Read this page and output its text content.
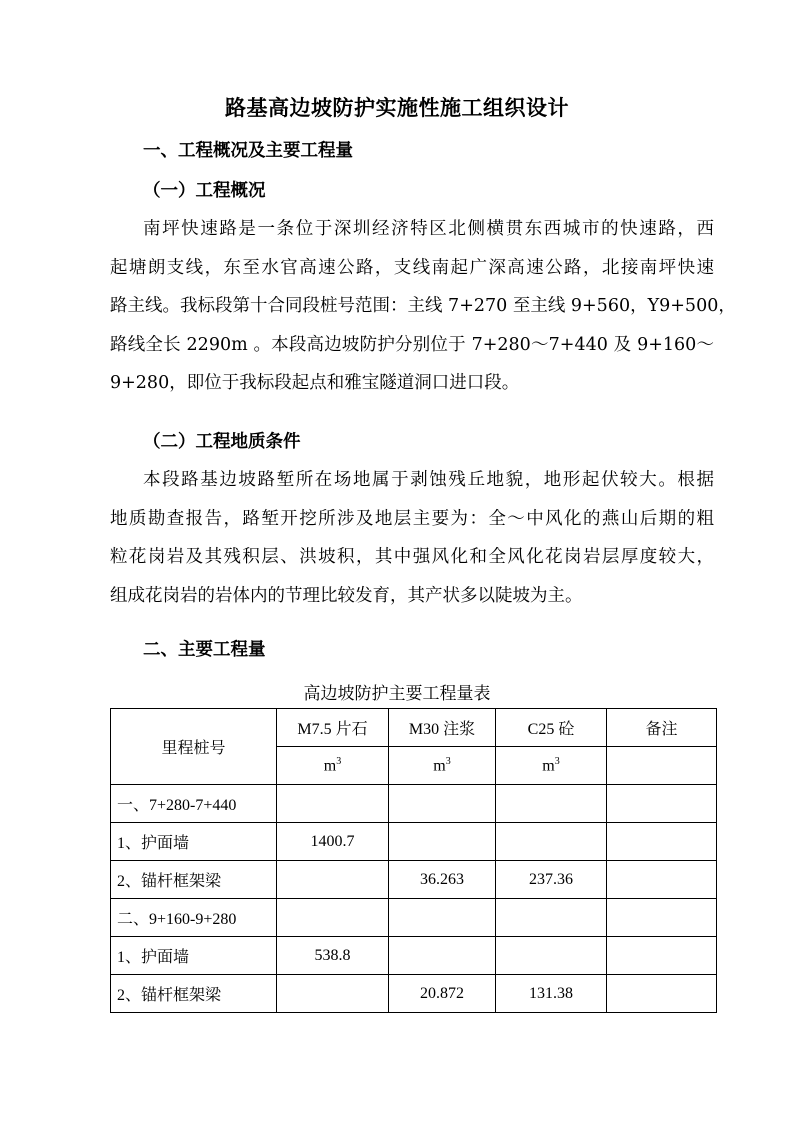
路基高边坡防护实施性施工组织设计
一、工程概况及主要工程量
（一）工程概况
南坪快速路是一条位于深圳经济特区北侧横贯东西城市的快速路，西
起塘朗支线，东至水官高速公路，支线南起广深高速公路，北接南坪快速
路主线。我标段第十合同段桩号范围：主线 7+270 至主线 9+560，Y9+500，
路线全长 2290m 。本段高边坡防护分别位于 7+280～7+440 及 9+160～
9+280，即位于我标段起点和雅宝隧道洞口进口段。
（二）工程地质条件
本段路基边坡路堑所在场地属于剥蚀残丘地貌，地形起伏较大。根据
地质勘查报告，路堑开挖所涉及地层主要为：全～中风化的燕山后期的粗
粒花岗岩及其残积层、洪坡积，其中强风化和全风化花岗岩层厚度较大，
组成花岗岩的岩体内的节理比较发育，其产状多以陡坡为主。
二、主要工程量
高边坡防护主要工程量表
里程桩号	M7.5 片石	M30 注浆	C25 砼	备注
	$m^3$	$m^3$	$m^3$	
一、7+280-7+440				
1、护面墙	1400.7			
2、锚杆框架梁		36.263	237.36	
二、9+160-9+280				
1、护面墙	538.8			
2、锚杆框架梁		20.872	131.38	
